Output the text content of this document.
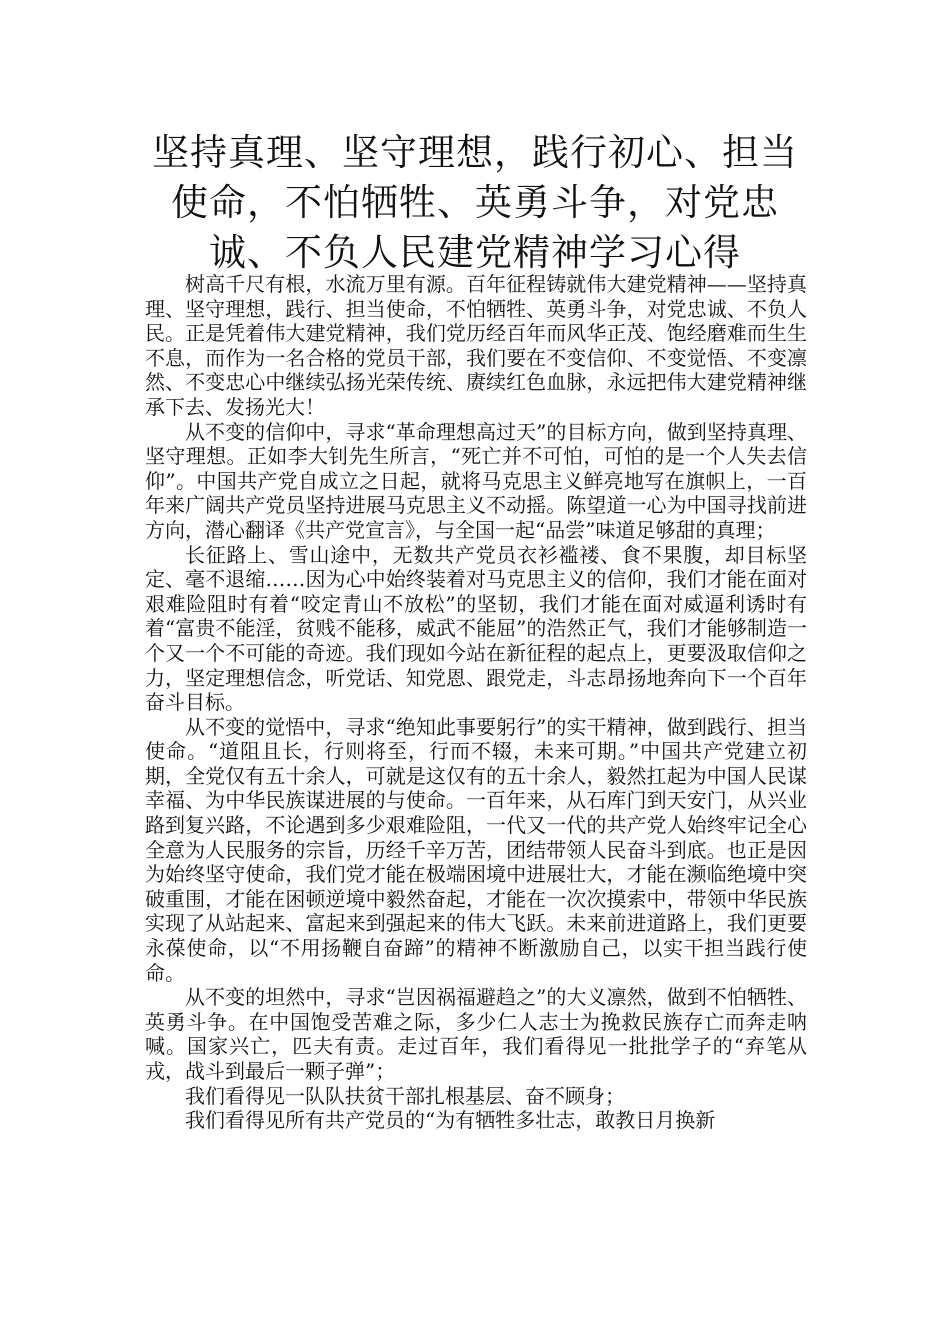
坚持真理、坚守理想，践行初心、担当使命，不怕牺牲、英勇斗争，对党忠诚、不负人民建党精神学习心得

树高千尺有根，水流万里有源。百年征程铸就伟大建党精神——坚持真理、坚守理想，践行、担当使命，不怕牺牲、英勇斗争，对党忠诚、不负人民。正是凭着伟大建党精神，我们党历经百年而风华正茂、饱经磨难而生生不息，而作为一名合格的党员干部，我们要在不变信仰、不变觉悟、不变凛然、不变忠心中继续弘扬光荣传统、赓续红色血脉，永远把伟大建党精神继承下去、发扬光大！

从不变的信仰中，寻求“革命理想高过天”的目标方向，做到坚持真理、坚守理想。正如李大钊先生所言，“死亡并不可怕，可怕的是一个人失去信仰”。中国共产党自成立之日起，就将马克思主义鲜亮地写在旗帜上，一百年来广阔共产党员坚持进展马克思主义不动摇。陈望道一心为中国寻找前进方向，潜心翻译《共产党宣言》，与全国一起“品尝”味道足够甜的真理；

长征路上、雪山途中，无数共产党员衣衫褴褛、食不果腹，却目标坚定、毫不退缩……因为心中始终装着对马克思主义的信仰，我们才能在面对艰难险阻时有着“咬定青山不放松”的坚韧，我们才能在面对威逼利诱时有着“富贵不能淫，贫贱不能移，威武不能屈”的浩然正气，我们才能够制造一个又一个不可能的奇迹。我们现如今站在新征程的起点上，更要汲取信仰之力，坚定理想信念，听党话、知党恩、跟党走，斗志昂扬地奔向下一个百年奋斗目标。

从不变的觉悟中，寻求“绝知此事要躬行”的实干精神，做到践行、担当使命。“道阻且长，行则将至，行而不辍，未来可期。”中国共产党建立初期，全党仅有五十余人，可就是这仅有的五十余人，毅然扛起为中国人民谋幸福、为中华民族谋进展的与使命。一百年来，从石库门到天安门，从兴业路到复兴路，不论遇到多少艰难险阻，一代又一代的共产党人始终牢记全心全意为人民服务的宗旨，历经千辛万苦，团结带领人民奋斗到底。也正是因为始终坚守使命，我们党才能在极端困境中进展壮大，才能在濒临绝境中突破重围，才能在困顿逆境中毅然奋起，才能在一次次摸索中，带领中华民族实现了从站起来、富起来到强起来的伟大飞跃。未来前进道路上，我们更要永葆使命，以“不用扬鞭自奋蹄”的精神不断激励自己，以实干担当践行使命。

从不变的坦然中，寻求“岂因祸福避趋之”的大义凛然，做到不怕牺牲、英勇斗争。在中国饱受苦难之际，多少仁人志士为挽救民族存亡而奔走呐喊。国家兴亡，匹夫有责。走过百年，我们看得见一批批学子的“弃笔从戎，战斗到最后一颗子弹”；

我们看得见一队队扶贫干部扎根基层、奋不顾身；

我们看得见所有共产党员的“为有牺牲多壮志，敢教日月换新
